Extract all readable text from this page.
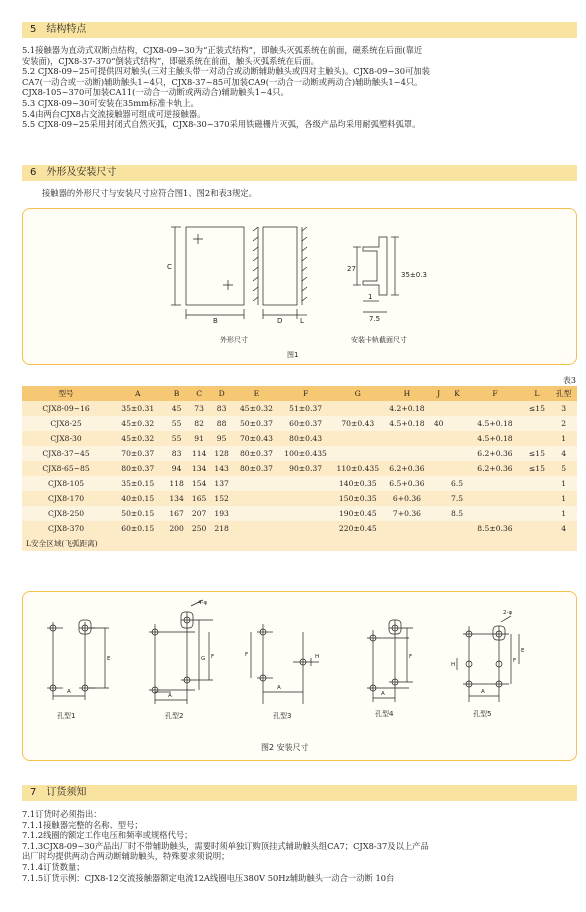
5 结构特点
5.1接触器为直动式双断点结构，CJX8-09~30为“正装式结构”，即触头灭弧系统在前面，磁系统在后面(靠近
安装面)，CJX8-37-370“倒装式结构”，即磁系统在前面，触头灭弧系统在后面。
5.2 CJX8-09~25可提供四对触头(三对主触头带一对动合或动断辅助触头或四对主触头)。CJX8-09~30可加装
CA7(一动合或一动断)辅助触头1~4只，CJX8-37~85可加装CA9(一动合一动断或两动合)辅助触头1~4只。
CJX8-105~370可加装CA11(一动合一动断或两动合)辅助触头1~4只。
5.3 CJX8-09~30可安装在35mm标准卡轨上。
5.4由两台CJX8占交流接触器可组成可逆接触器。
5.5 CJX8-09~25采用封闭式自然灭弧，CJX8-30~370采用铁磁栅片灭弧，各级产品均采用耐弧塑料弧罩。
6 外形及安装尺寸
接触器的外形尺寸与安装尺寸应符合图1、图2和表3规定。
B
C
D	L
27
35±0.3
1
7.5
外形尺寸	安装卡轨截面尺寸
图1
表3
型号	A	B	C	D	E	F	G	H	J	K	F	L	孔型
CJX8-09~16	35±0.31	45	73	83	45±0.32	51±0.37		4.2+0.18				≤15	3
CJX8-25	45±0.32	55	82	88	50±0.37	60±0.37	70±0.43	4.5+0.18	40		4.5+0.18		2
CJX8-30	45±0.32	55	91	95	70±0.43	80±0.43					4.5+0.18		1
CJX8-37~45	70±0.37	83	114	128	80±0.37	100±0.435					6.2+0.36	≤15	4
CJX8-65~85	80±0.37	94	134	143	80±0.37	90±0.37	110±0.435	6.2+0.36			6.2+0.36	≤15	5
CJX8-105	35±0.15	118	154	137			140±0.35	6.5+0.36		6.5			1
CJX8-170	40±0.15	134	165	152			150±0.35	6+0.36		7.5			1
CJX8-250	50±0.15	167	207	193			190±0.45	7+0.36		8.5			1
CJX8-370	60±0.15	200	250	218			220±0.45				8.5±0.36		4
L安全区域(飞弧距离)													
A
E
A
G F
A
F	H
A
F
A
F
E
H
4-φ
2-φ
孔型1	孔型2	孔型3	孔型4	孔型5
图2 安装尺寸
7 订货须知
7.1订货时必须指出：
7.1.1接触器完整的名称、型号；
7.1.2线圈的额定工作电压和频率或规格代号；
7.1.3CJX8-09~30产品出厂时不带辅助触头，需要时须单独订购顶挂式辅助触头组CA7；CJX8-37及以上产品
出厂时均提供两动合两动断辅助触头，特殊要求须说明；
7.1.4订货数量；
7.1.5订货示例：CJX8-12交流接触器额定电流12A线圈电压380V 50Hz辅助触头一动合一动断 10台
